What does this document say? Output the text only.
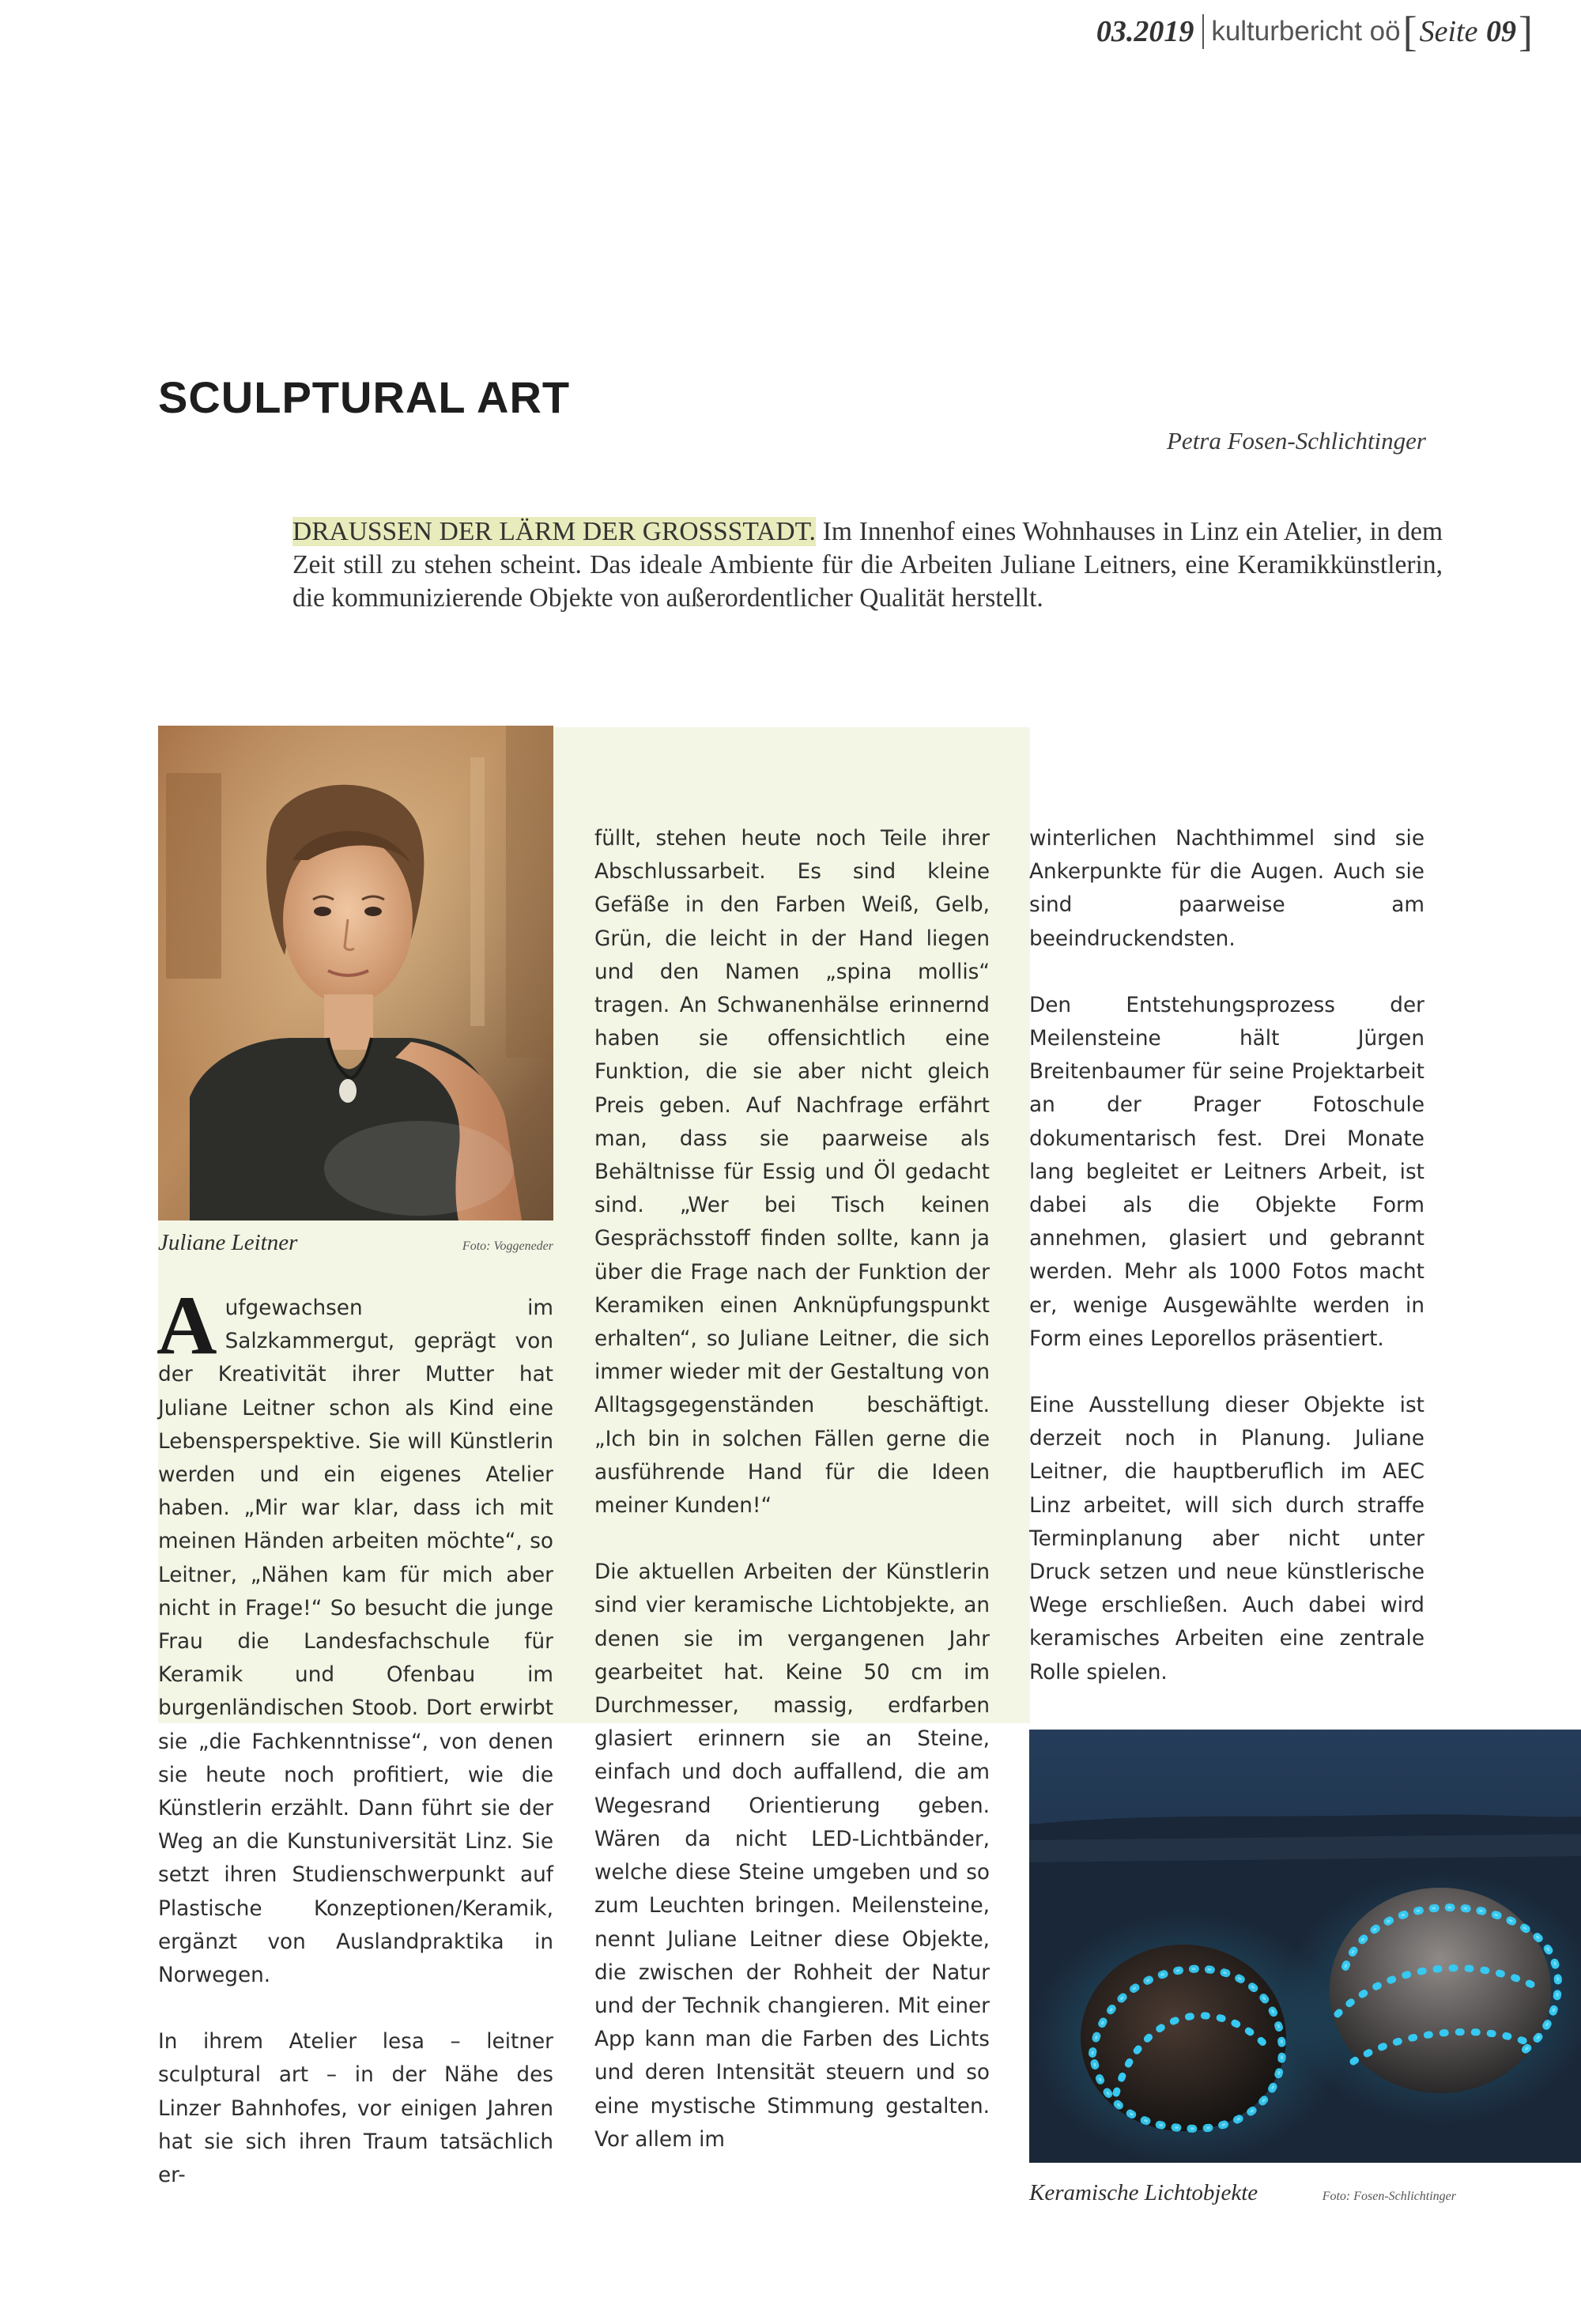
03.2019 kulturbericht oö [ Seite
09 ]
SCULPTURAL ART
Petra Fosen-Schlichtinger

DRAUSSEN DER LÄRM DER GROSSSTADT. Im Innenhof eines Wohnhauses in Linz ein Atelier, in dem Zeit still zu stehen scheint. Das ideale Ambiente für die Arbeiten Juliane Leitners, eine Keramikkünstlerin, die kommunizierende Objekte von außerordentlicher Qualität herstellt.

Juliane Leitner	Foto: Voggeneder
Keramische Lichtobjekte	Foto: Fosen-Schlichtinger

Aufgewachsen im Salzkammergut, geprägt von der Kreativität ihrer Mutter hat Juliane Leitner schon als Kind eine Lebensperspektive. Sie will Künstlerin werden und ein eigenes Atelier haben. „Mir war klar, dass ich mit meinen Händen arbeiten möchte“, so Leitner, „Nähen kam für mich aber nicht in Frage!“ So besucht die junge Frau die Landesfachschule für Keramik und Ofenbau im burgenländischen Stoob. Dort erwirbt sie „die Fachkenntnisse“, von denen sie heute noch profitiert, wie die Künstlerin erzählt. Dann führt sie der Weg an die Kunstuniversität Linz. Sie setzt ihren Studienschwerpunkt auf Plastische Konzeptionen/Keramik, ergänzt von Auslandpraktika in Norwegen.

In ihrem Atelier lesa – leitner sculptural art – in der Nähe des Linzer Bahnhofes, vor einigen Jahren hat sie sich ihren Traum tatsächlich er-

füllt, stehen heute noch Teile ihrer Abschlussarbeit. Es sind kleine Gefäße in den Farben Weiß, Gelb, Grün, die leicht in der Hand liegen und den Namen „spina mollis“ tragen. An Schwanenhälse erinnernd haben sie offensichtlich eine Funktion, die sie aber nicht gleich Preis geben. Auf Nachfrage erfährt man, dass sie paarweise als Behältnisse für Essig und Öl gedacht sind. „Wer bei Tisch keinen Gesprächsstoff finden sollte, kann ja über die Frage nach der Funktion der Keramiken einen Anknüpfungspunkt erhalten“, so Juliane Leitner, die sich immer wieder mit der Gestaltung von Alltagsgegenständen beschäftigt. „Ich bin in solchen Fällen gerne die ausführende Hand für die Ideen meiner Kunden!“

Die aktuellen Arbeiten der Künstlerin sind vier keramische Lichtobjekte, an denen sie im vergangenen Jahr gearbeitet hat. Keine 50 cm im Durchmesser, massig, erdfarben glasiert erinnern sie an Steine, einfach und doch auffallend, die am Wegesrand Orientierung geben. Wären da nicht LED-Lichtbänder, welche diese Steine umgeben und so zum Leuchten bringen. Meilensteine, nennt Juliane Leitner diese Objekte, die zwischen der Rohheit der Natur und der Technik changieren. Mit einer App kann man die Farben des Lichts und deren Intensität steuern und so eine mystische Stimmung gestalten. Vor allem im

winterlichen Nachthimmel sind sie Ankerpunkte für die Augen. Auch sie sind paarweise am beeindruckendsten.

Den Entstehungsprozess der Meilensteine hält Jürgen Breitenbaumer für seine Projektarbeit an der Prager Fotoschule dokumentarisch fest. Drei Monate lang begleitet er Leitners Arbeit, ist dabei als die Objekte Form annehmen, glasiert und gebrannt werden. Mehr als 1000 Fotos macht er, wenige Ausgewählte werden in Form eines Leporellos präsentiert.

Eine Ausstellung dieser Objekte ist derzeit noch in Planung. Juliane Leitner, die hauptberuflich im AEC Linz arbeitet, will sich durch straffe Terminplanung aber nicht unter Druck setzen und neue künstlerische Wege erschließen. Auch dabei wird keramisches Arbeiten eine zentrale Rolle spielen.
